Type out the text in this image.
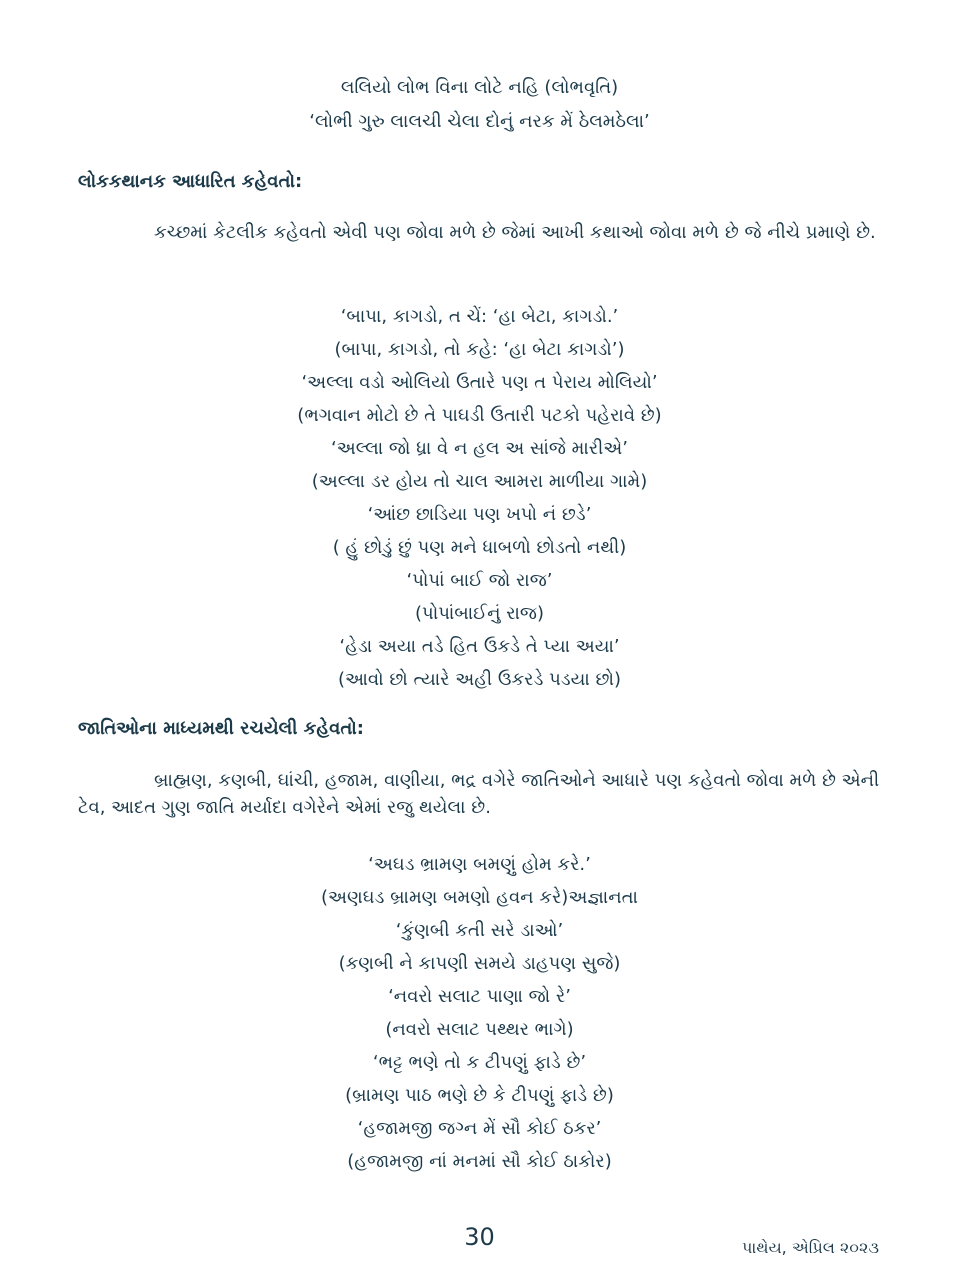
લલિયો લોભ વિના લોટે નહિ (લોભવૃતિ)
‘લોભી ગુરુ લાલચી ચેલા દોનું નરક મેં ઠેલમઠેલા’
લોકકથાનક આધારિત કહેવતો:
કચ્છમાં કેટલીક કહેવતો એવી પણ જોવા મળે છે જેમાં આખી કથાઓ જોવા મળે છે જે નીચે પ્રમાણે છે.
‘બાપા, કાગડો, ત ચેં: ‘હા બેટા, કાગડો.’
(બાપા, કાગડો, તો કહે: ‘હા બેટા કાગડો’)
‘અલ્લા વડો ઓલિયો ઉતારે પણ ત પેરાય મોલિયો’
(ભગવાન મોટો છે તે પાઘડી ઉતારી પટકો પહેરાવે છે)
‘અલ્લા જો ધ્રા વે ન હલ અ સાંજે મારીએ’
(અલ્લા ડર હોય તો ચાલ આમરા માળીયા ગામે)
‘આંછ છાડિયા પણ ખપો નં છડે’
( હું છોડું છું પણ મને ધાબળો છોડતો નથી)
‘પોપાં બાઈ જો રાજ’
(પોપાંબાઈનું રાજ)
‘હેડા અયા તડે હિત ઉકડે તે પ્યા અયા’
(આવો છો ત્યારે અહી ઉકરડે પડયા છો)
જાતિઓના માધ્યમથી રચયેલી કહેવતો:
બ્રાહ્મણ, કણબી, ઘાંચી, હજામ, વાણીયા, ભદ્ર વગેરે જાતિઓને આધારે પણ કહેવતો જોવા મળે છે એની ટેવ, આદત ગુણ જાતિ મર્યાદા વગેરેને એમાં રજુ થયેલા છે.
‘અઘડ ભ્રામણ બમણું હોમ કરે.’
(અણઘડ બ્રામણ બમણો હવન કરે)અજ્ઞાનતા
‘કુંણબી કતી સરે ડાઓ’
(કણબી ને કાપણી સમયે ડાહપણ સુજે)
‘નવરો સલાટ પાણા જો રે’
(નવરો સલાટ પથ્થર ભાગે)
‘ભટ્ટ ભણે તો ક ટીપણું ફાડે છે’
(બ્રામણ પાઠ ભણે છે કે ટીપણું ફાડે છે)
‘હજામજી જગ્ન મેં સૌ કોઈ ઠકર’
(હજામજી નાં મનમાં સૌ કોઈ ઠાકોર)
30	પાથેય, એપ્રિલ ૨૦૨૩
